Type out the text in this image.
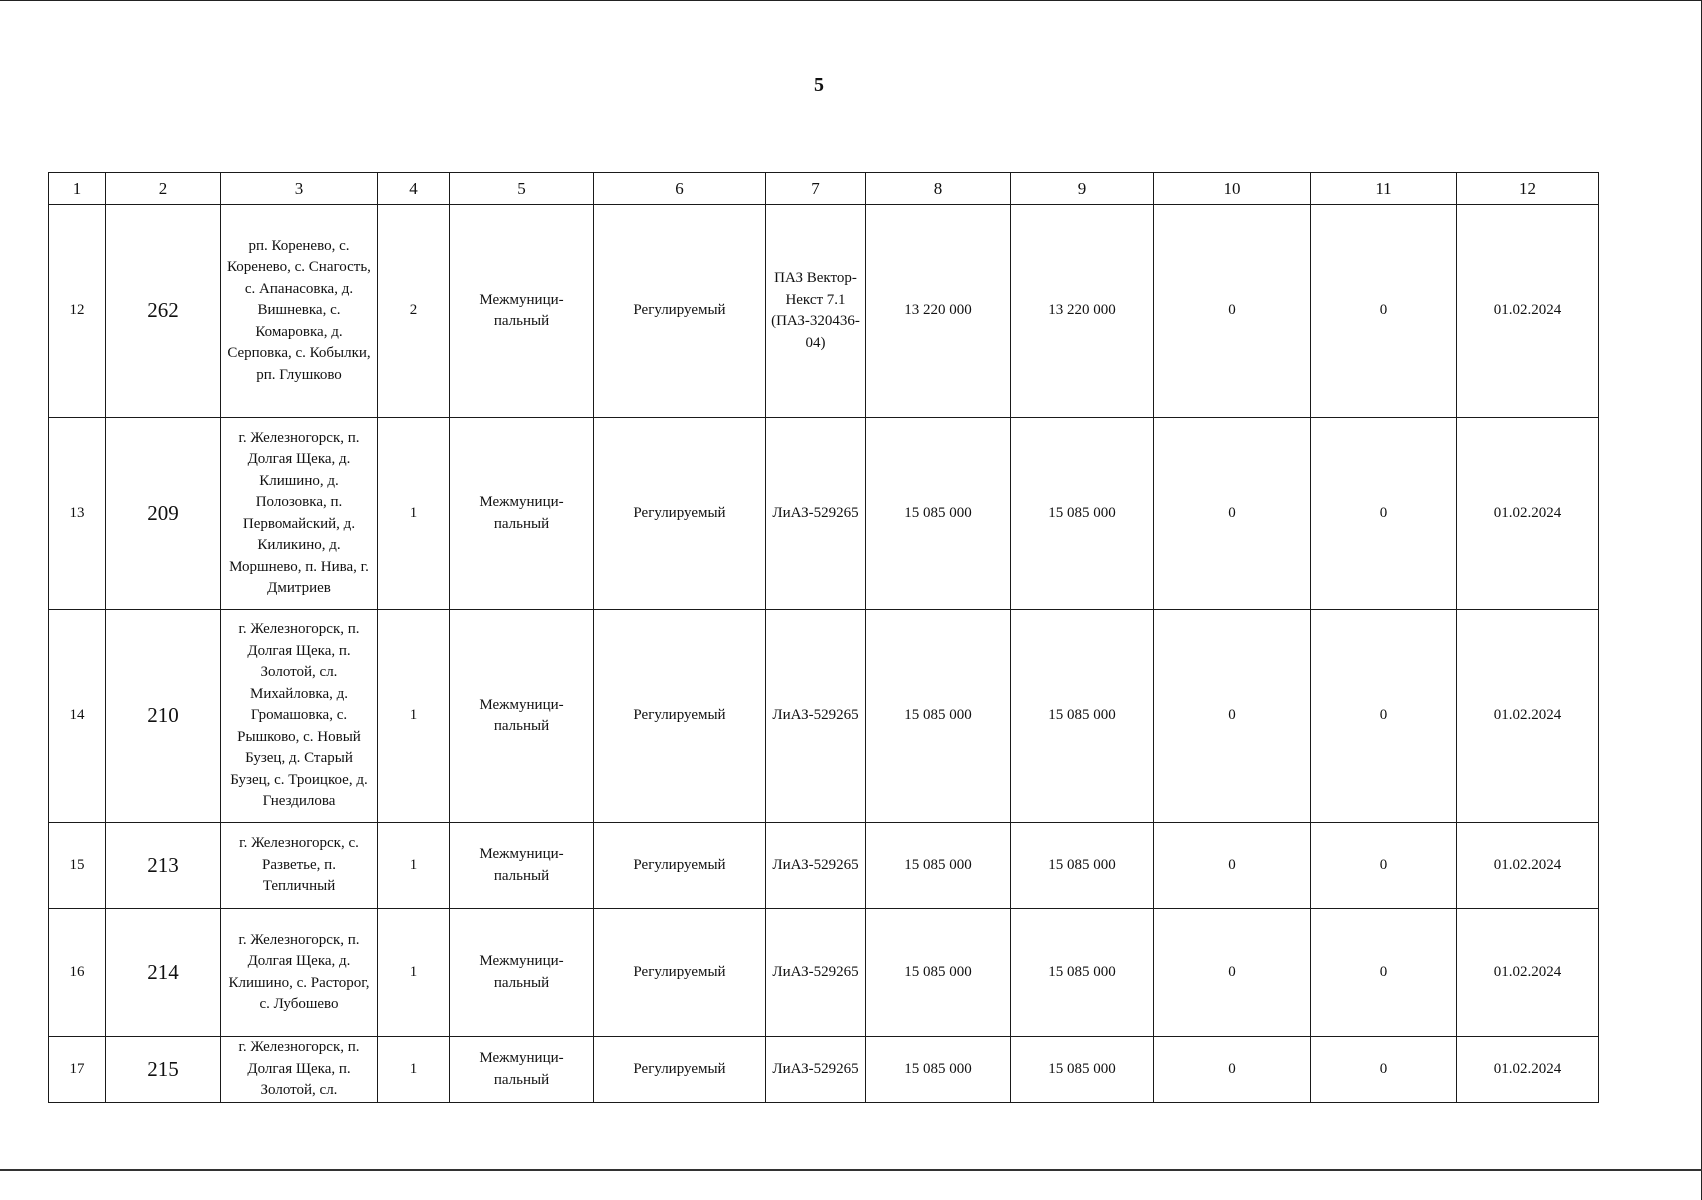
5
1	2	3	4	5	6	7	8	9	10	11	12
12	262	рп. Кореневo, с. Коренево, с. Снагость, с. Апанасовка, д. Вишневка, с. Комаровка, д. Серповка, с. Кобылки, рп. Глушково	2	Межмуници-пальный	Регулируемый	ПАЗ Вектор-Некст 7.1 (ПАЗ-320436-04)	13 220 000	13 220 000	0	0	01.02.2024
13	209	г. Железногорск, п. Долгая Щека, д. Клишино, д. Полозовка, п. Первомайский, д. Киликино, д. Моршнево, п. Нива, г. Дмитриев	1	Межмуници-пальный	Регулируемый	ЛиАЗ-529265	15 085 000	15 085 000	0	0	01.02.2024
14	210	г. Железногорск, п. Долгая Щека, п. Золотой, сл. Михайловка, д. Громашовка, с. Рышково, с. Новый Бузец, д. Старый Бузец, с. Троицкое, д. Гнездилова	1	Межмуници-пальный	Регулируемый	ЛиАЗ-529265	15 085 000	15 085 000	0	0	01.02.2024
15	213	г. Железногорск, с. Разветье, п. Тепличный	1	Межмуници-пальный	Регулируемый	ЛиАЗ-529265	15 085 000	15 085 000	0	0	01.02.2024
16	214	г. Железногорск, п. Долгая Щека, д. Клишино, с. Расторог, с. Лубошево	1	Межмуници-пальный	Регулируемый	ЛиАЗ-529265	15 085 000	15 085 000	0	0	01.02.2024
17	215	г. Железногорск, п. Долгая Щека, п. Золотой, сл.	1	Межмуници-пальный	Регулируемый	ЛиАЗ-529265	15 085 000	15 085 000	0	0	01.02.2024
